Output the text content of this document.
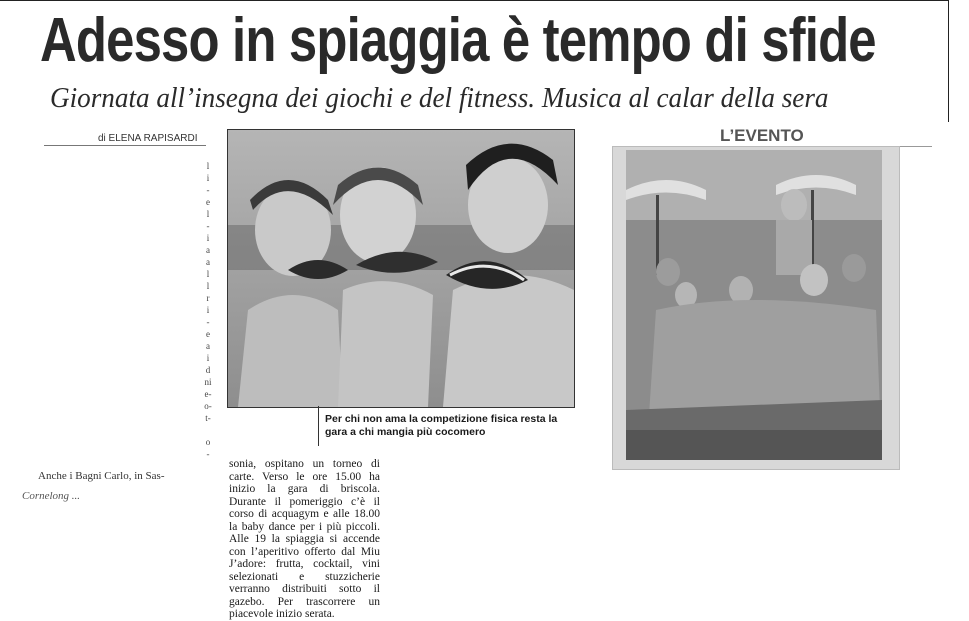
Adesso in spiaggia è tempo di sfide
Giornata all’insegna dei giochi e del fitness. Musica al calar della sera
di ELENA RAPISARDI	L’EVENTO
Per chi non ama la competizione fisica resta la gara a chi mangia più cocomero
l
i
-
e
l
-
i
a
a
l
l
r
i
-
e
a
i
d
ni
e-
o-
t-

o
-
Anche i Bagni Carlo, in Sas-
Cornelong ...
sonia, ospitano un torneo di carte. Verso le ore 15.00 ha inizio la gara di briscola. Durante il pomeriggio c’è il corso di acquagym e alle 18.00 la baby dance per i più piccoli. Alle 19 la spiaggia si accende con l’aperitivo offerto dal Miu J’adore: frutta, cocktail, vini selezionati e stuzzicherie verranno distribuiti sotto il gazebo. Per trascorrere un piacevole inizio serata.
